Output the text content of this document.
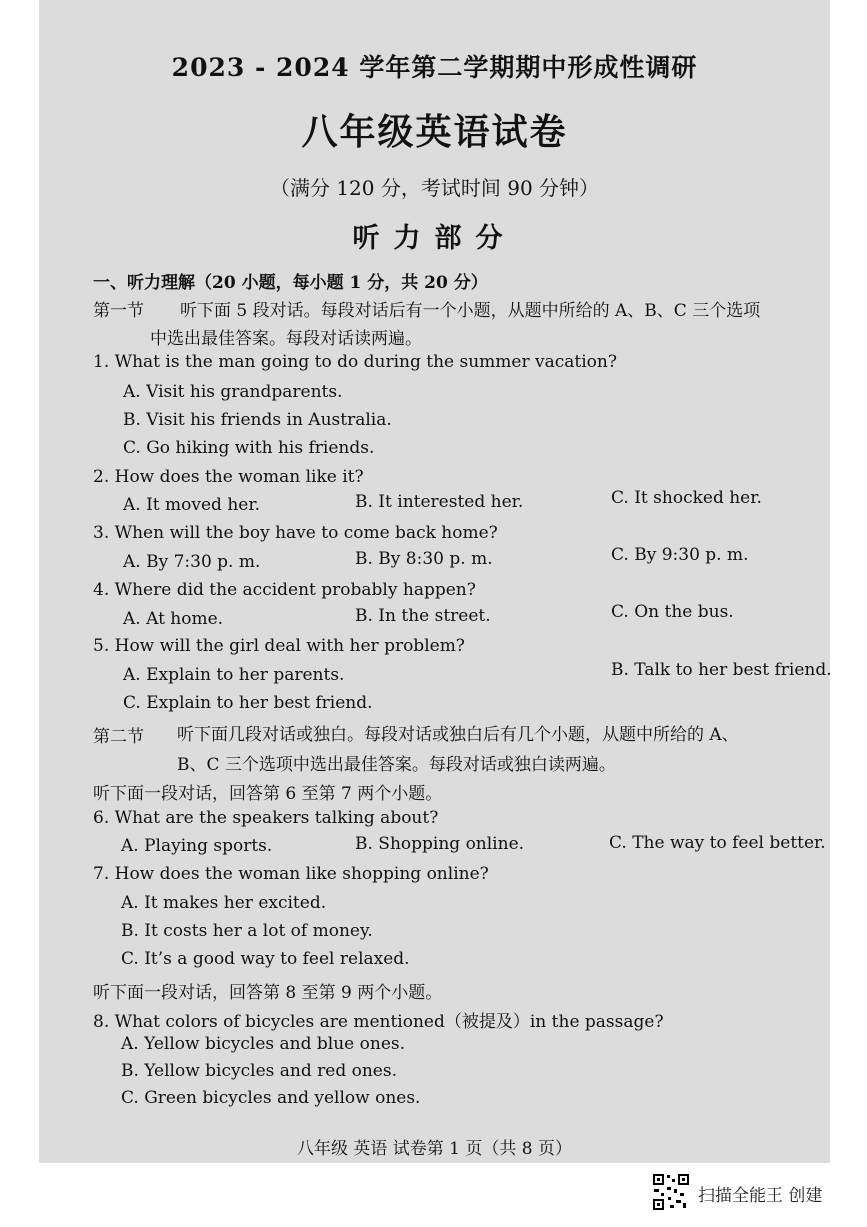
2023 - 2024 学年第二学期期中形成性调研
八年级英语试卷
（满分 120 分，考试时间 90 分钟）
听力部分
一、听力理解（20 小题，每小题 1 分，共 20 分）
第一节 听下面 5 段对话。每段对话后有一个小题，从题中所给的 A、B、C 三个选项
中选出最佳答案。每段对话读两遍。
1. What is the man going to do during the summer vacation?
A. Visit his grandparents.
B. Visit his friends in Australia.
C. Go hiking with his friends.
2. How does the woman like it?
A. It moved her.	B. It interested her.	C. It shocked her.
3. When will the boy have to come back home?
A. By 7:30 p. m.	B. By 8:30 p. m.	C. By 9:30 p. m.
4. Where did the accident probably happen?
A. At home.	B. In the street.	C. On the bus.
5. How will the girl deal with her problem?
A. Explain to her parents.	B. Talk to her best friend.
C. Explain to her best friend.
第二节 听下面几段对话或独白。每段对话或独白后有几个小题，从题中所给的 A、
B、C 三个选项中选出最佳答案。每段对话或独白读两遍。
听下面一段对话，回答第 6 至第 7 两个小题。
6. What are the speakers talking about?
A. Playing sports.	B. Shopping online.	C. The way to feel better.
7. How does the woman like shopping online?
A. It makes her excited.
B. It costs her a lot of money.
C. It’s a good way to feel relaxed.
听下面一段对话，回答第 8 至第 9 两个小题。
8. What colors of bicycles are mentioned（被提及）in the passage?
A. Yellow bicycles and blue ones.
B. Yellow bicycles and red ones.
C. Green bicycles and yellow ones.
八年级 英语 试卷第 1 页（共 8 页）
扫描全能王 创建
